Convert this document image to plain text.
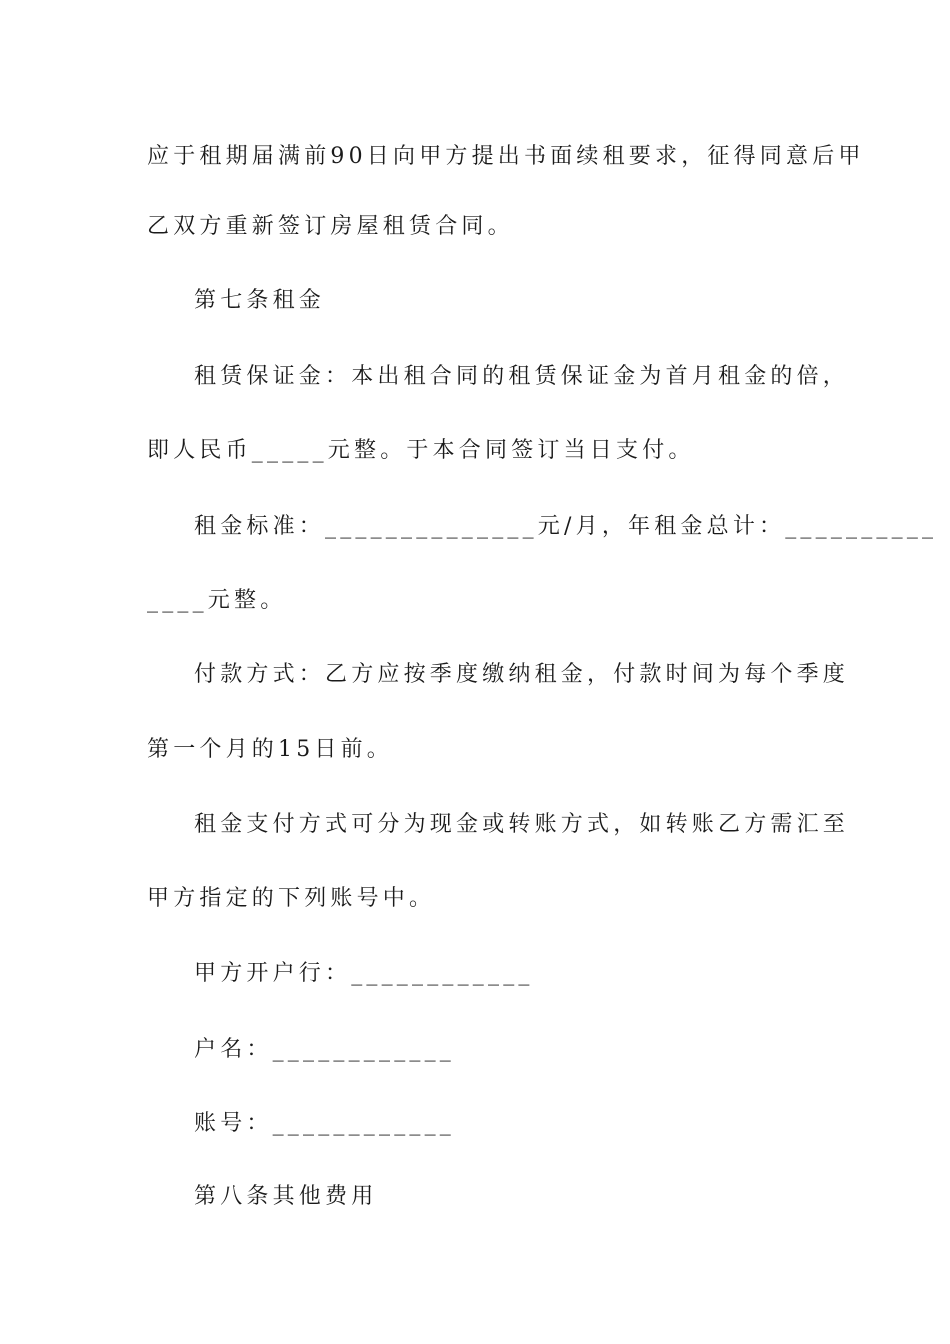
应于租期届满前90日向甲方提出书面续租要求，征得同意后甲
乙双方重新签订房屋租赁合同。
第七条租金
租赁保证金：本出租合同的租赁保证金为首月租金的倍，
即人民币_____元整。于本合同签订当日支付。
租金标准：______________元/月，年租金总计：__________
____元整。
付款方式：乙方应按季度缴纳租金，付款时间为每个季度
第一个月的15日前。
租金支付方式可分为现金或转账方式，如转账乙方需汇至
甲方指定的下列账号中。
甲方开户行：____________
户名：____________
账号：____________
第八条其他费用
